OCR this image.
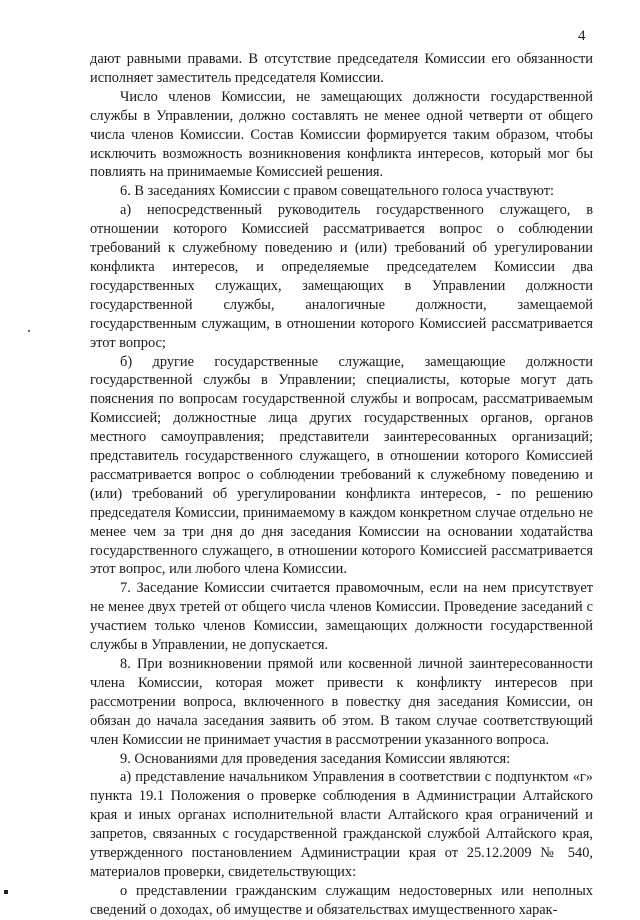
4

дают равными правами. В отсутствие председателя Комиссии его обязанности исполняет заместитель председателя Комиссии.

Число членов Комиссии, не замещающих должности государственной службы в Управлении, должно составлять не менее одной четверти от общего числа членов Комиссии. Состав Комиссии формируется таким образом, чтобы исключить возможность возникновения конфликта интересов, который мог бы повлиять на принимаемые Комиссией решения.

6. В заседаниях Комиссии с правом совещательного голоса участвуют:

а) непосредственный руководитель государственного служащего, в отношении которого Комиссией рассматривается вопрос о соблюдении требований к служебному поведению и (или) требований об урегулировании конфликта интересов, и определяемые председателем Комиссии два государственных служащих, замещающих в Управлении должности государственной службы, аналогичные должности, замещаемой государственным служащим, в отношении которого Комиссией рассматривается этот вопрос;

б) другие государственные служащие, замещающие должности государственной службы в Управлении; специалисты, которые могут дать пояснения по вопросам государственной службы и вопросам, рассматриваемым Комиссией; должностные лица других государственных органов, органов местного самоуправления; представители заинтересованных организаций; представитель государственного служащего, в отношении которого Комиссией рассматривается вопрос о соблюдении требований к служебному поведению и (или) требований об урегулировании конфликта интересов, - по решению председателя Комиссии, принимаемому в каждом конкретном случае отдельно не менее чем за три дня до дня заседания Комиссии на основании ходатайства государственного служащего, в отношении которого Комиссией рассматривается этот вопрос, или любого члена Комиссии.

7. Заседание Комиссии считается правомочным, если на нем присутствует не менее двух третей от общего числа членов Комиссии. Проведение заседаний с участием только членов Комиссии, замещающих должности государственной службы в Управлении, не допускается.

8. При возникновении прямой или косвенной личной заинтересованности члена Комиссии, которая может привести к конфликту интересов при рассмотрении вопроса, включенного в повестку дня заседания Комиссии, он обязан до начала заседания заявить об этом. В таком случае соответствующий член Комиссии не принимает участия в рассмотрении указанного вопроса.

9. Основаниями для проведения заседания Комиссии являются:

а) представление начальником Управления в соответствии с подпунктом «г» пункта 19.1 Положения о проверке соблюдения в Администрации Алтайского края и иных органах исполнительной власти Алтайского края ограничений и запретов, связанных с государственной гражданской службой Алтайского края, утвержденного постановлением Администрации края от 25.12.2009 № 540, материалов проверки, свидетельствующих:

о представлении гражданским служащим недостоверных или неполных сведений о доходах, об имуществе и обязательствах имущественного харак-
